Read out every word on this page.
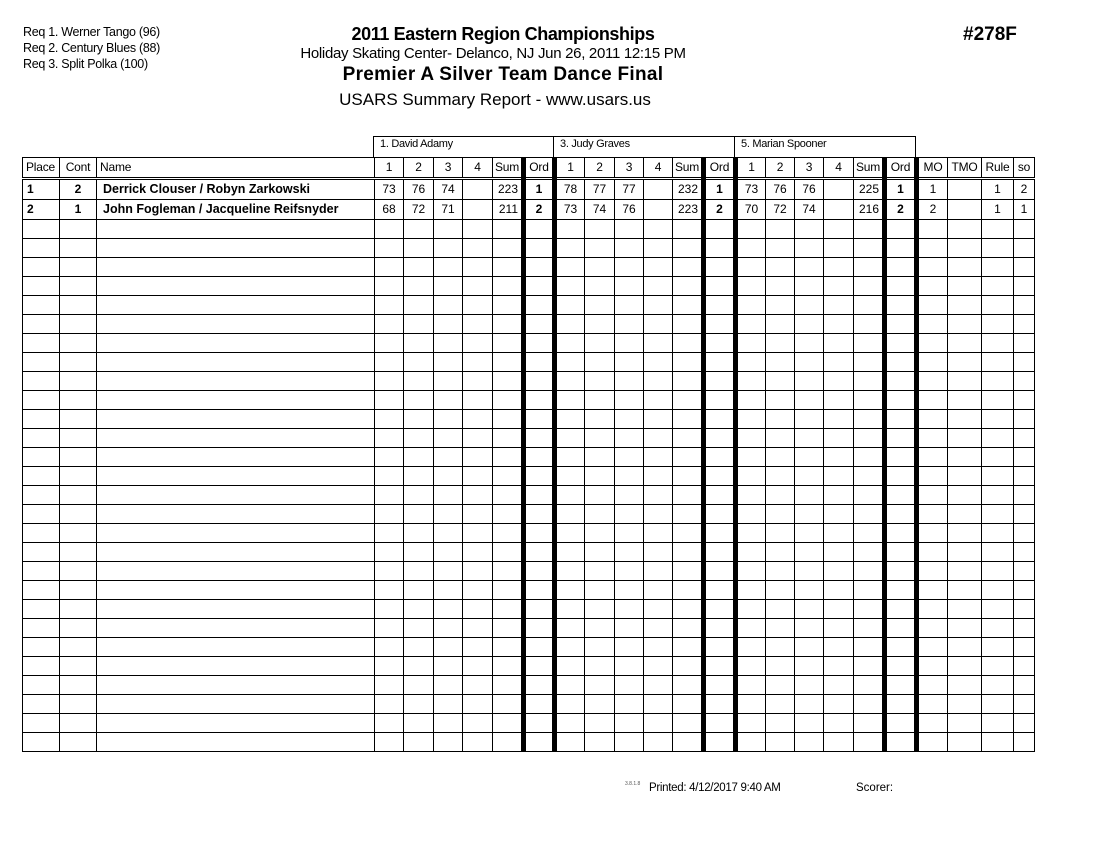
Req 1. Werner Tango (96)
Req 2. Century Blues (88)
Req 3. Split Polka (100)
2011 Eastern Region Championships
Holiday Skating Center- Delanco, NJ Jun 26, 2011 12:15 PM
Premier A Silver Team Dance Final
USARS Summary Report - www.usars.us
#278F
1. David Adamy	3. Judy Graves	5. Marian Spooner
Place	Cont	Name	1	2	3	4	Sum	Ord	1	2	3	4	Sum	Ord	1	2	3	4	Sum	Ord	MO	TMO	Rule	so
1	2	Derrick Clouser / Robyn Zarkowski	73	76	74		223	1	78	77	77		232	1	73	76	76		225	1	1		1	2
2	1	John Fogleman / Jacqueline Reifsnyder	68	72	71		211	2	73	74	76		223	2	70	72	74		216	2	2		1	1

3.8.1.8 Printed: 4/12/2017 9:40 AM	Scorer:
